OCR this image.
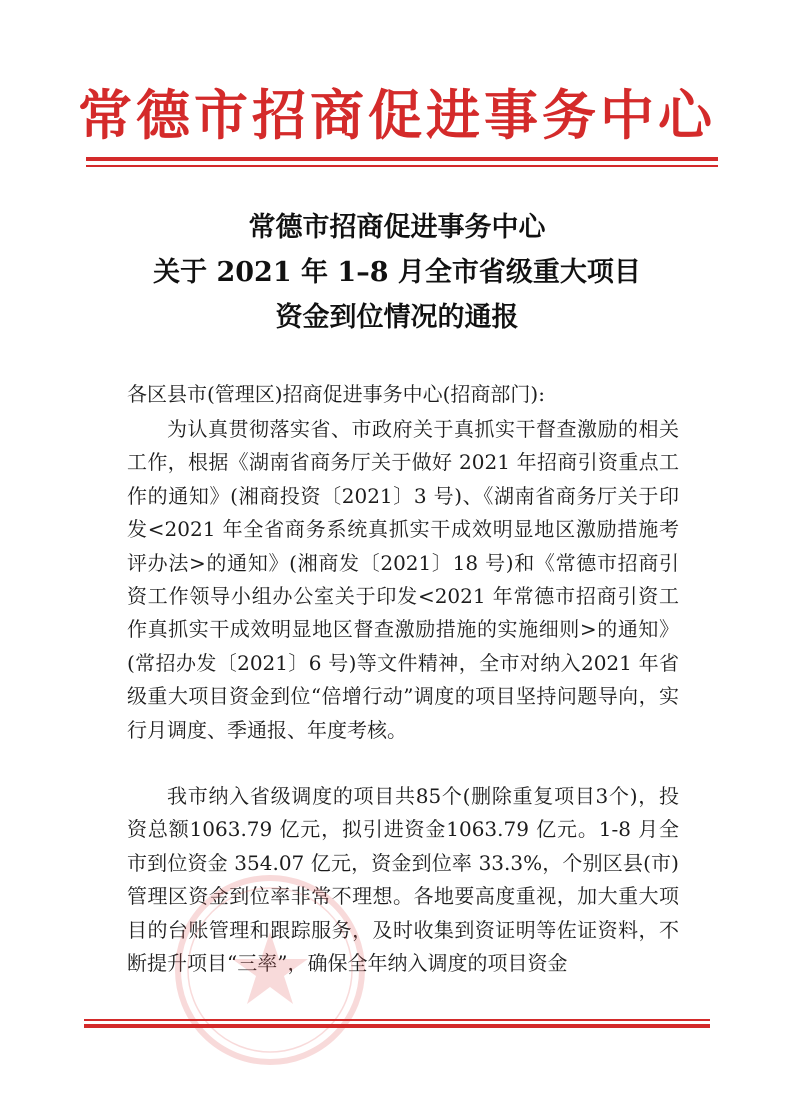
常德市招商促进事务中心
常德市招商促进事务中心
关于 2021 年 1–8 月全市省级重大项目
资金到位情况的通报
各区县市(管理区)招商促进事务中心(招商部门):
为认真贯彻落实省、市政府关于真抓实干督查激励的相关工作，根据《湖南省商务厅关于做好 2021 年招商引资重点工作的通知》(湘商投资〔2021〕3 号)、《湖南省商务厅关于印发<2021 年全省商务系统真抓实干成效明显地区激励措施考评办法>的通知》(湘商发〔2021〕18 号)和《常德市招商引资工作领导小组办公室关于印发<2021 年常德市招商引资工作真抓实干成效明显地区督查激励措施的实施细则>的通知》(常招办发〔2021〕6 号)等文件精神，全市对纳入2021 年省级重大项目资金到位“倍增行动”调度的项目坚持问题导向，实行月调度、季通报、年度考核。
我市纳入省级调度的项目共85个(删除重复项目3个)，投资总额1063.79 亿元，拟引进资金1063.79 亿元。1-8 月全市到位资金 354.07 亿元，资金到位率 33.3%，个别区县(市)管理区资金到位率非常不理想。各地要高度重视，加大重大项目的台账管理和跟踪服务，及时收集到资证明等佐证资料，不断提升项目“三率”，确保全年纳入调度的项目资金
